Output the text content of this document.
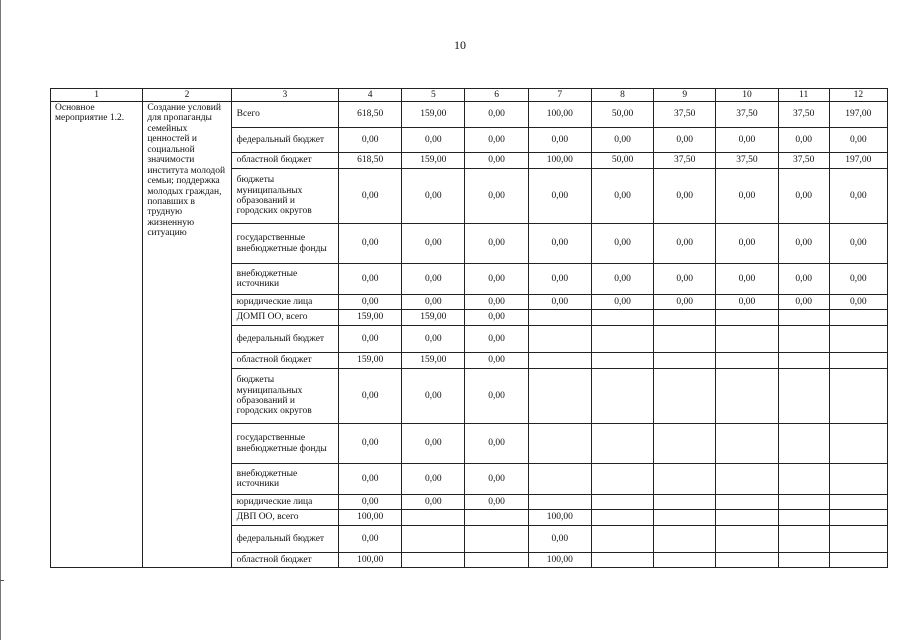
10
1	2	3	4	5	6	7	8	9	10	11	12
Основное мероприятие 1.2.	Создание условий для пропаганды семейных ценностей и социальной значимости института молодой семьи; поддержка молодых граждан, попавших в трудную жизненную ситуацию	Всего	618,50	159,00	0,00	100,00	50,00	37,50	37,50	37,50	197,00
		федеральный бюджет	0,00	0,00	0,00	0,00	0,00	0,00	0,00	0,00	0,00
		областной бюджет	618,50	159,00	0,00	100,00	50,00	37,50	37,50	37,50	197,00
		бюджеты муниципальных образований и городских округов	0,00	0,00	0,00	0,00	0,00	0,00	0,00	0,00	0,00
		государственные внебюджетные фонды	0,00	0,00	0,00	0,00	0,00	0,00	0,00	0,00	0,00
		внебюджетные источники	0,00	0,00	0,00	0,00	0,00	0,00	0,00	0,00	0,00
		юридические лица	0,00	0,00	0,00	0,00	0,00	0,00	0,00	0,00	0,00
		ДОМП ОО, всего	159,00	159,00	0,00						
		федеральный бюджет	0,00	0,00	0,00						
		областной бюджет	159,00	159,00	0,00						
		бюджеты муниципальных образований и городских округов	0,00	0,00	0,00						
		государственные внебюджетные фонды	0,00	0,00	0,00						
		внебюджетные источники	0,00	0,00	0,00						
		юридические лица	0,00	0,00	0,00						
		ДВП ОО, всего	100,00			100,00					
		федеральный бюджет	0,00			0,00					
		областной бюджет	100,00			100,00					
